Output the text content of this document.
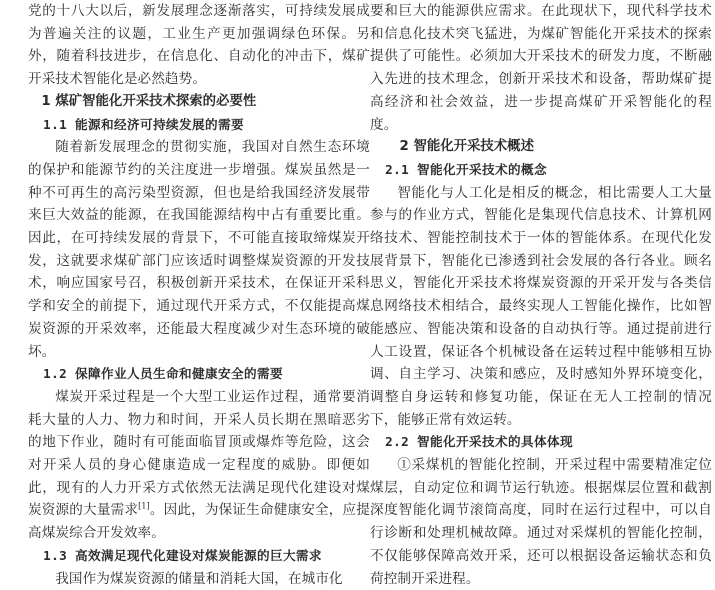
党的十八大以后，新发展理念逐渐落实，可持续发展成为普遍关注的议题，工业生产更加强调绿色环保。另外，随着科技进步，在信息化、自动化的冲击下，煤矿开采技术智能化是必然趋势。

1 煤矿智能化开采技术探索的必要性

1.1 能源和经济可持续发展的需要

随着新发展理念的贯彻实施，我国对自然生态环境的保护和能源节约的关注度进一步增强。煤炭虽然是一种不可再生的高污染型资源，但也是给我国经济发展带来巨大效益的能源，在我国能源结构中占有重要比重。因此，在可持续发展的背景下，不可能直接取缔煤炭开发，这就要求煤矿部门应该适时调整煤炭资源的开发技术，响应国家号召，积极创新开采技术，在保证开采科学和安全的前提下，通过现代开采方式，不仅能提高煤炭资源的开采效率，还能最大程度减少对生态环境的破坏。

1.2 保障作业人员生命和健康安全的需要

煤炭开采过程是一个大型工业运作过程，通常要消耗大量的人力、物力和时间，开采人员长期在黑暗恶劣的地下作业，随时有可能面临冒顶或爆炸等危险，这会对开采人员的身心健康造成一定程度的威胁。即便如此，现有的人力开采方式依然无法满足现代化建设对煤炭资源的大量需求[1]。因此，为保证生命健康安全，应提高煤炭综合开发效率。

1.3 高效满足现代化建设对煤炭能源的巨大需求

我国作为煤炭资源的储量和消耗大国，在城市化

要和巨大的能源供应需求。在此现状下，现代科学技术和信息化技术突飞猛进，为煤矿智能化开采技术的探索提供了可能性。必须加大开采技术的研发力度，不断融入先进的技术理念，创新开采技术和设备，帮助煤矿提高经济和社会效益，进一步提高煤矿开采智能化的程度。

2 智能化开采技术概述

2.1 智能化开采技术的概念

智能化与人工化是相反的概念，相比需要人工大量参与的作业方式，智能化是集现代信息技术、计算机网络技术、智能控制技术于一体的智能体系。在现代化发展背景下，智能化已渗透到社会发展的各行各业。顾名思义，智能化开采技术将煤炭资源的开采开发与各类信息网络技术相结合，最终实现人工智能化操作，比如智能感应、智能决策和设备的自动执行等。通过提前进行人工设置，保证各个机械设备在运转过程中能够相互协调、自主学习、决策和感应，及时感知外界环境变化，调整自身运转和修复功能，保证在无人工控制的情况下，能够正常有效运转。

2.2 智能化开采技术的具体体现

①采煤机的智能化控制，开采过程中需要精准定位煤层，自动定位和调节运行轨迹。根据煤层位置和截割深度智能化调节滚筒高度，同时在运行过程中，可以自行诊断和处理机械故障。通过对采煤机的智能化控制，不仅能够保障高效开采，还可以根据设备运输状态和负荷控制开采进程。
